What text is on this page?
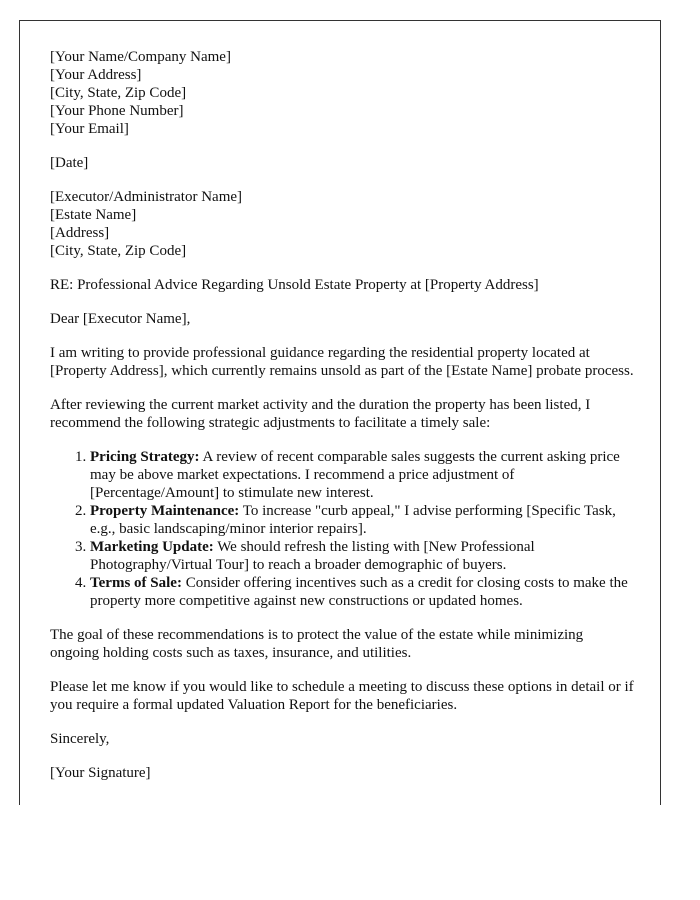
[Your Name/Company Name]
[Your Address]
[City, State, Zip Code]
[Your Phone Number]
[Your Email]

[Date]

[Executor/Administrator Name]
[Estate Name]
[Address]
[City, State, Zip Code]

RE: Professional Advice Regarding Unsold Estate Property at [Property Address]

Dear [Executor Name],

I am writing to provide professional guidance regarding the residential property located at [Property Address], which currently remains unsold as part of the [Estate Name] probate process.

After reviewing the current market activity and the duration the property has been listed, I recommend the following strategic adjustments to facilitate a timely sale:

1. Pricing Strategy: A review of recent comparable sales suggests the current asking price may be above market expectations. I recommend a price adjustment of [Percentage/Amount] to stimulate new interest.
2. Property Maintenance: To increase "curb appeal," I advise performing [Specific Task, e.g., basic landscaping/minor interior repairs].
3. Marketing Update: We should refresh the listing with [New Professional Photography/Virtual Tour] to reach a broader demographic of buyers.
4. Terms of Sale: Consider offering incentives such as a credit for closing costs to make the property more competitive against new constructions or updated homes.

The goal of these recommendations is to protect the value of the estate while minimizing ongoing holding costs such as taxes, insurance, and utilities.

Please let me know if you would like to schedule a meeting to discuss these options in detail or if you require a formal updated Valuation Report for the beneficiaries.

Sincerely,

[Your Signature]
